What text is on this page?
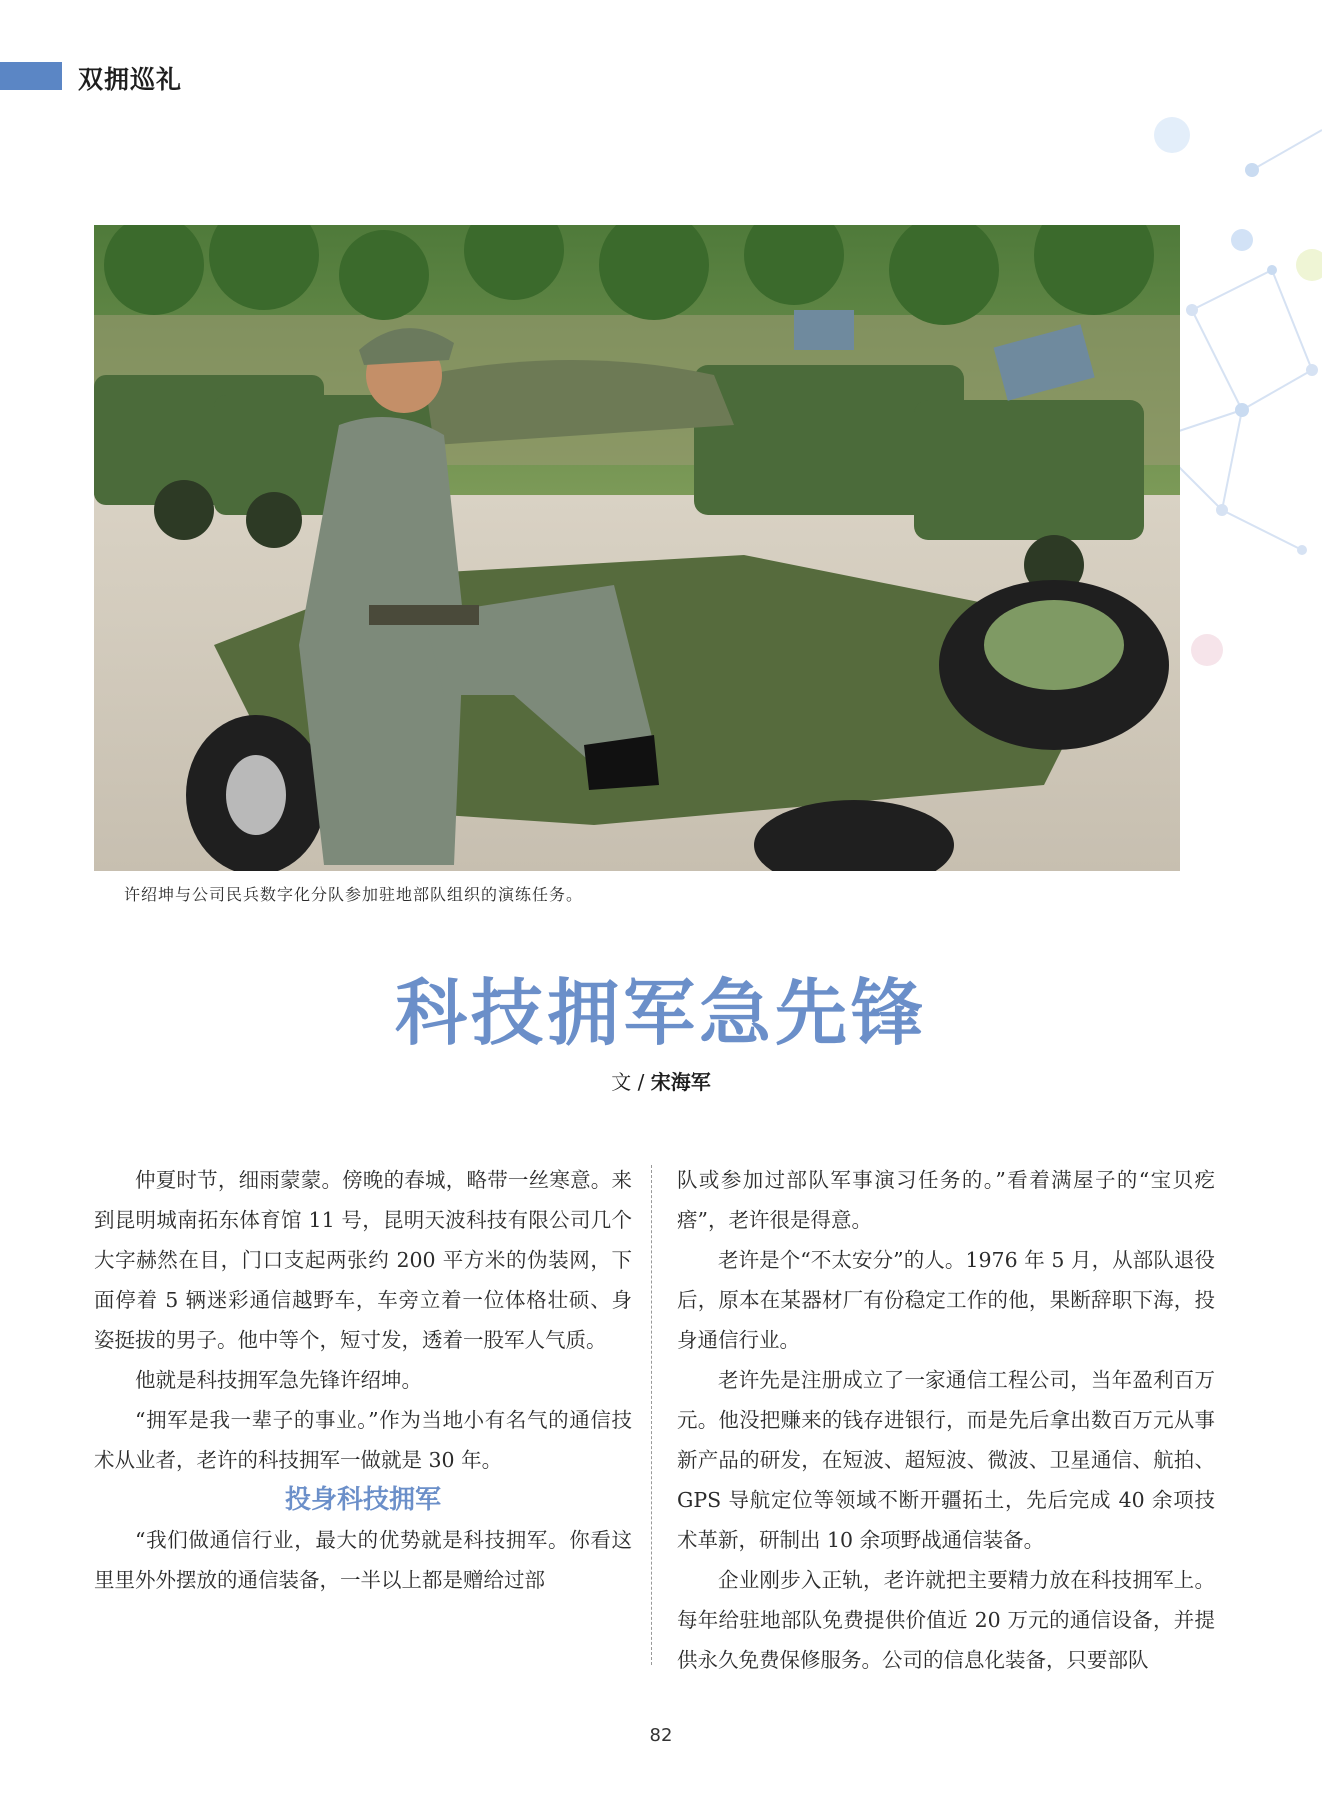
双拥巡礼
许绍坤与公司民兵数字化分队参加驻地部队组织的演练任务。
科技拥军急先锋
文 / 宋海军

仲夏时节，细雨蒙蒙。傍晚的春城，略带一丝寒意。来到昆明城南拓东体育馆 11 号，昆明天波科技有限公司几个大字赫然在目，门口支起两张约 200 平方米的伪装网，下面停着 5 辆迷彩通信越野车，车旁立着一位体格壮硕、身姿挺拔的男子。他中等个，短寸发，透着一股军人气质。

他就是科技拥军急先锋许绍坤。

“拥军是我一辈子的事业。”作为当地小有名气的通信技术从业者，老许的科技拥军一做就是 30 年。

投身科技拥军

“我们做通信行业，最大的优势就是科技拥军。你看这里里外外摆放的通信装备，一半以上都是赠给过部

队或参加过部队军事演习任务的。”看着满屋子的“宝贝疙瘩”，老许很是得意。

老许是个“不太安分”的人。1976 年 5 月，从部队退役后，原本在某器材厂有份稳定工作的他，果断辞职下海，投身通信行业。

老许先是注册成立了一家通信工程公司，当年盈利百万元。他没把赚来的钱存进银行，而是先后拿出数百万元从事新产品的研发，在短波、超短波、微波、卫星通信、航拍、GPS 导航定位等领域不断开疆拓土，先后完成 40 余项技术革新，研制出 10 余项野战通信装备。

企业刚步入正轨，老许就把主要精力放在科技拥军上。每年给驻地部队免费提供价值近 20 万元的通信设备，并提供永久免费保修服务。公司的信息化装备，只要部队

82
